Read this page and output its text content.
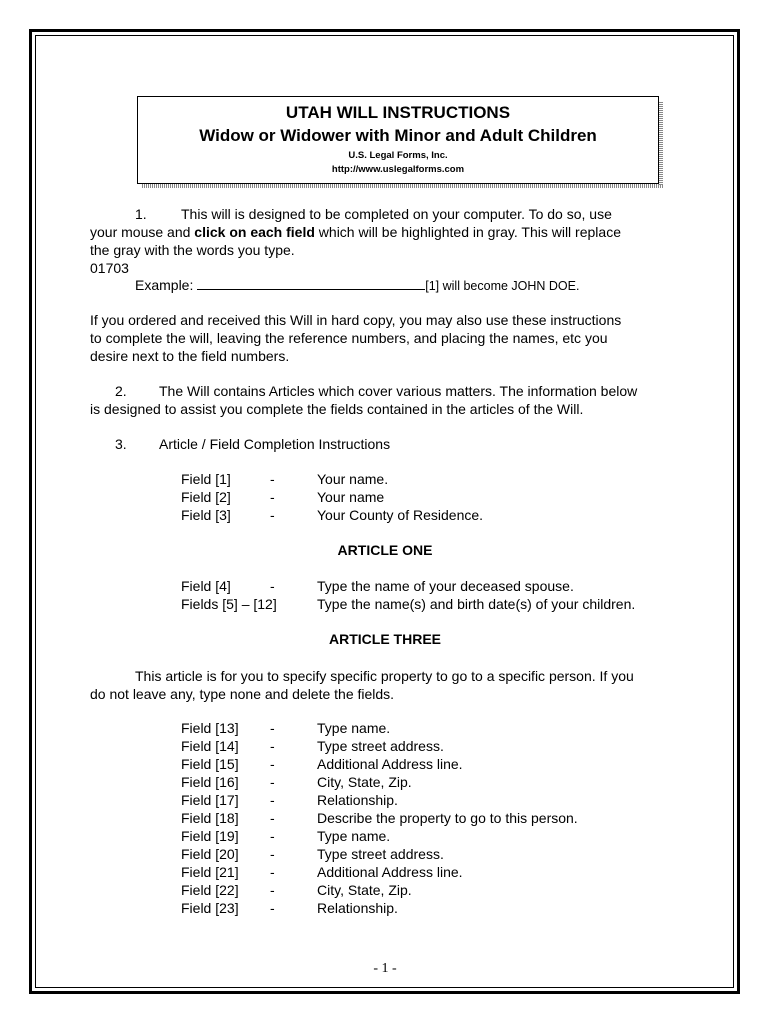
UTAH WILL INSTRUCTIONS
Widow or Widower with Minor and Adult Children
U.S. Legal Forms, Inc.
http://www.uslegalforms.com
1. This will is designed to be completed on your computer. To do so, use
your mouse and click on each field which will be highlighted in gray. This will replace
the gray with the words you type.
01703
Example:	[1] will become JOHN DOE.
If you ordered and received this Will in hard copy, you may also use these instructions
to complete the will, leaving the reference numbers, and placing the names, etc you
desire next to the field numbers.
2. The Will contains Articles which cover various matters. The information below
is designed to assist you complete the fields contained in the articles of the Will.
3. Article / Field Completion Instructions
Field [1]	-	Your name.
Field [2]	-	Your name
Field [3]	-	Your County of Residence.
ARTICLE ONE
Field [4]	-	Type the name of your deceased spouse.
Fields [5] – [12]	Type the name(s) and birth date(s) of your children.
ARTICLE THREE
This article is for you to specify specific property to go to a specific person. If you
do not leave any, type none and delete the fields.
Field [13] -	Type name.
Field [14] -	Type street address.
Field [15] -	Additional Address line.
Field [16] -	City, State, Zip.
Field [17] -	Relationship.
Field [18] -	Describe the property to go to this person.
Field [19] -	Type name.
Field [20] -	Type street address.
Field [21] -	Additional Address line.
Field [22] -	City, State, Zip.
Field [23] -	Relationship.
- 1 -
